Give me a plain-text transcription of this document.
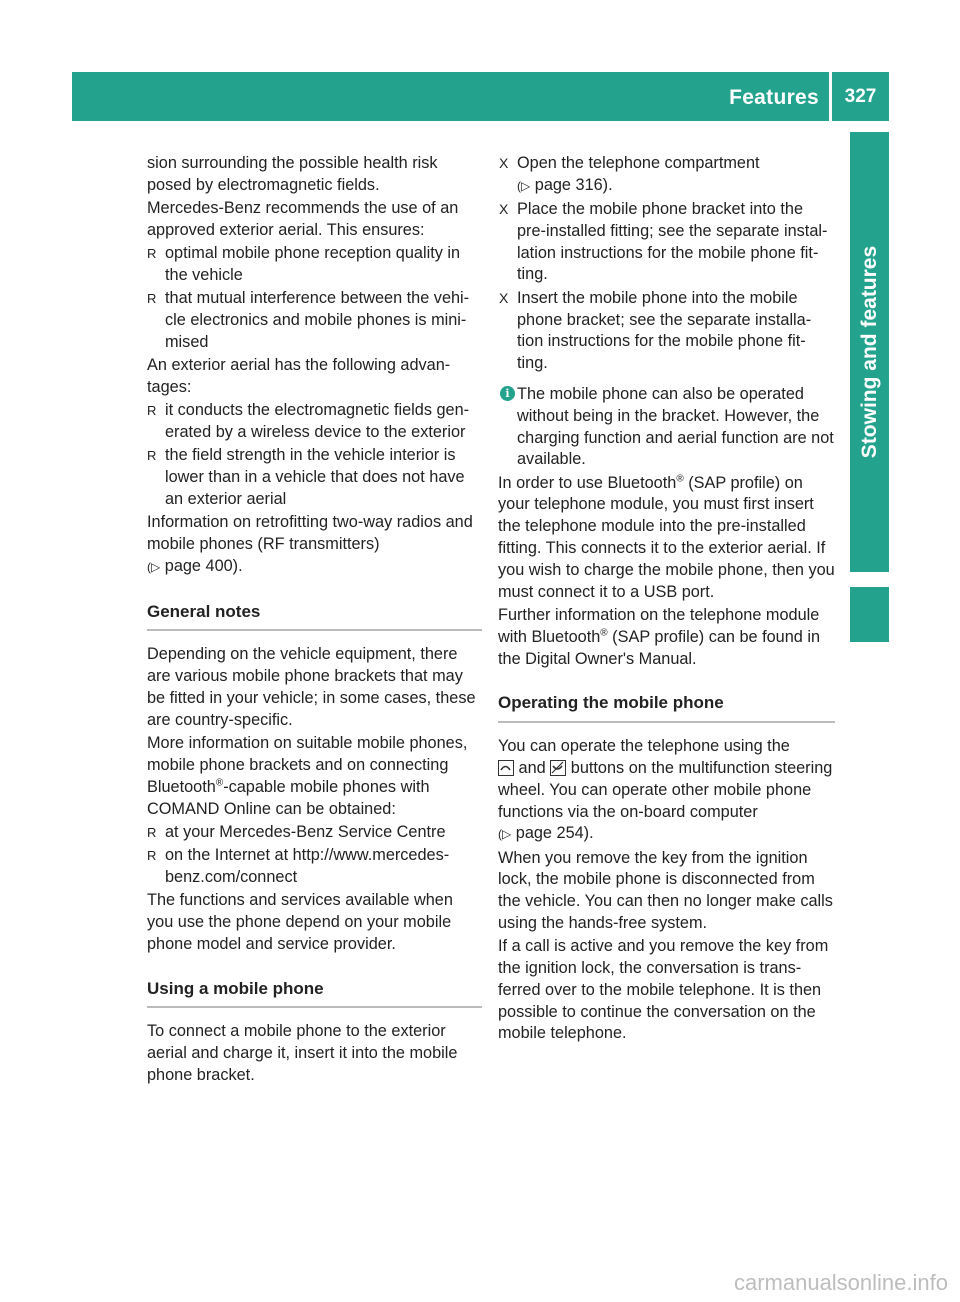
Features	327
Stowing and features

sion surrounding the possible health risk posed by electromagnetic fields.

Mercedes-Benz recommends the use of an approved exterior aerial. This ensures:

R optimal mobile phone reception quality in the vehicle
R that mutual interference between the vehi-cle electronics and mobile phones is mini-mised

An exterior aerial has the following advan-tages:

R it conducts the electromagnetic fields gen-erated by a wireless device to the exterior
R the field strength in the vehicle interior is lower than in a vehicle that does not have an exterior aerial

Information on retrofitting two-way radios and mobile phones (RF transmitters)
(▷ page 400).

General notes

Depending on the vehicle equipment, there are various mobile phone brackets that may be fitted in your vehicle; in some cases, these are country-specific.

More information on suitable mobile phones, mobile phone brackets and on connecting Bluetooth®-capable mobile phones with COMAND Online can be obtained:

R at your Mercedes-Benz Service Centre
R on the Internet at http://www.mercedes-benz.com/connect

The functions and services available when you use the phone depend on your mobile phone model and service provider.

Using a mobile phone

To connect a mobile phone to the exterior aerial and charge it, insert it into the mobile phone bracket.

X Open the telephone compartment
(▷ page 316).
X Place the mobile phone bracket into the pre-installed fitting; see the separate instal-lation instructions for the mobile phone fit-ting.
X Insert the mobile phone into the mobile phone bracket; see the separate installa-tion instructions for the mobile phone fit-ting.
i The mobile phone can also be operated without being in the bracket. However, the charging function and aerial function are not available.

In order to use Bluetooth® (SAP profile) on your telephone module, you must first insert the telephone module into the pre-installed fitting. This connects it to the exterior aerial. If you wish to charge the mobile phone, then you must connect it to a USB port.

Further information on the telephone module with Bluetooth® (SAP profile) can be found in the Digital Owner's Manual.

Operating the mobile phone

You can operate the telephone using the

and buttons on the multifunction steering wheel. You can operate other mobile phone functions via the on-board computer
(▷ page 254).

When you remove the key from the ignition lock, the mobile phone is disconnected from the vehicle. You can then no longer make calls using the hands-free system.

If a call is active and you remove the key from the ignition lock, the conversation is trans-ferred over to the mobile telephone. It is then possible to continue the conversation on the mobile telephone.

carmanualsonline.info
